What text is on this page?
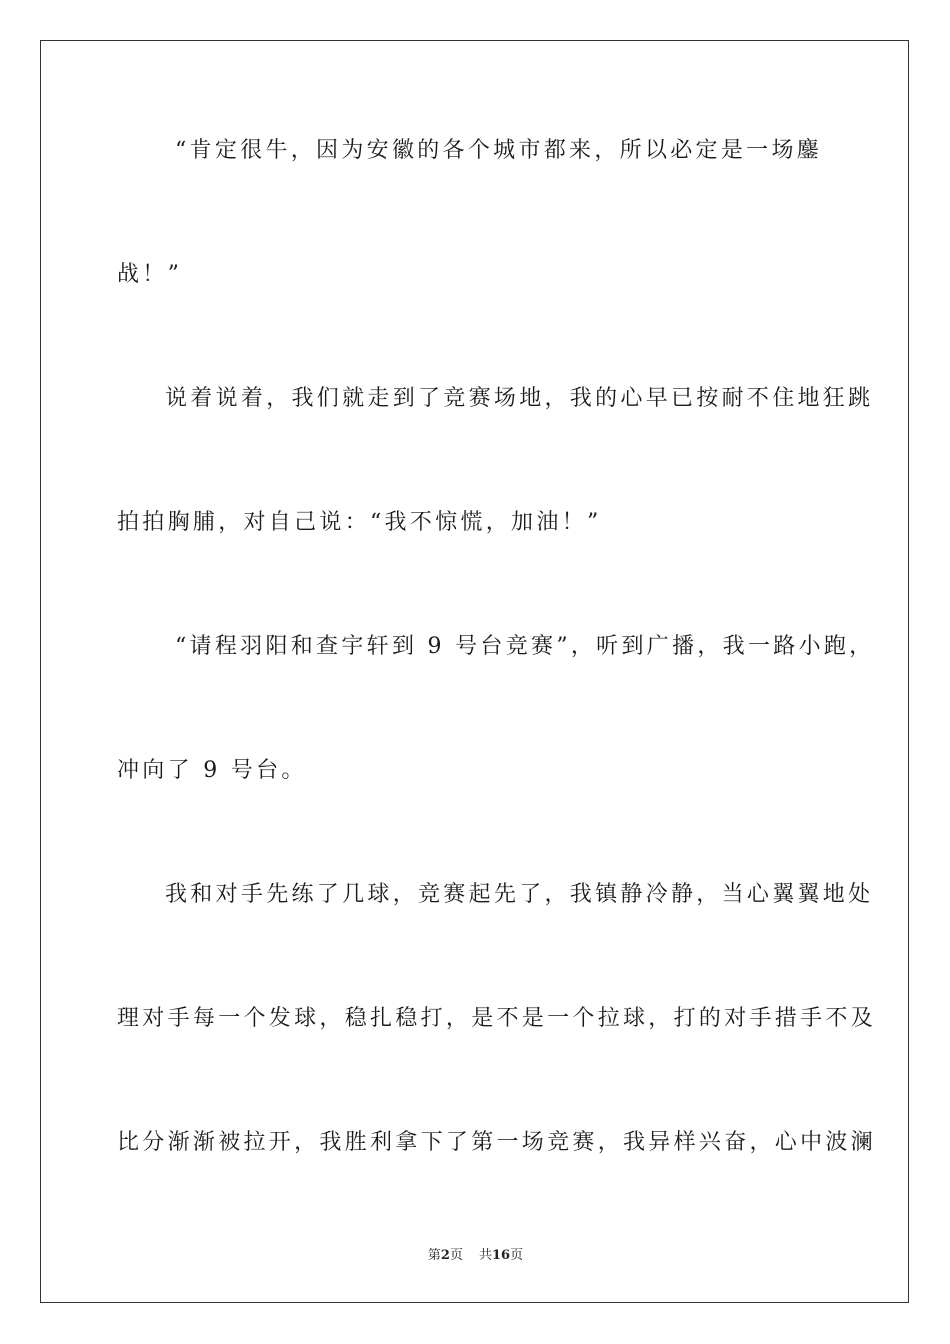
“肯定很牛，因为安徽的各个城市都来，所以必定是一场鏖
战！”
说着说着，我们就走到了竞赛场地，我的心早已按耐不住地狂跳
拍拍胸脯，对自己说：“我不惊慌，加油！”
“请程羽阳和查宇轩到 9 号台竞赛”，听到广播，我一路小跑，
冲向了 9 号台。
我和对手先练了几球，竞赛起先了，我镇静冷静，当心翼翼地处
理对手每一个发球，稳扎稳打，是不是一个拉球，打的对手措手不及
比分渐渐被拉开，我胜利拿下了第一场竞赛，我异样兴奋，心中波澜
第2页 共16页
